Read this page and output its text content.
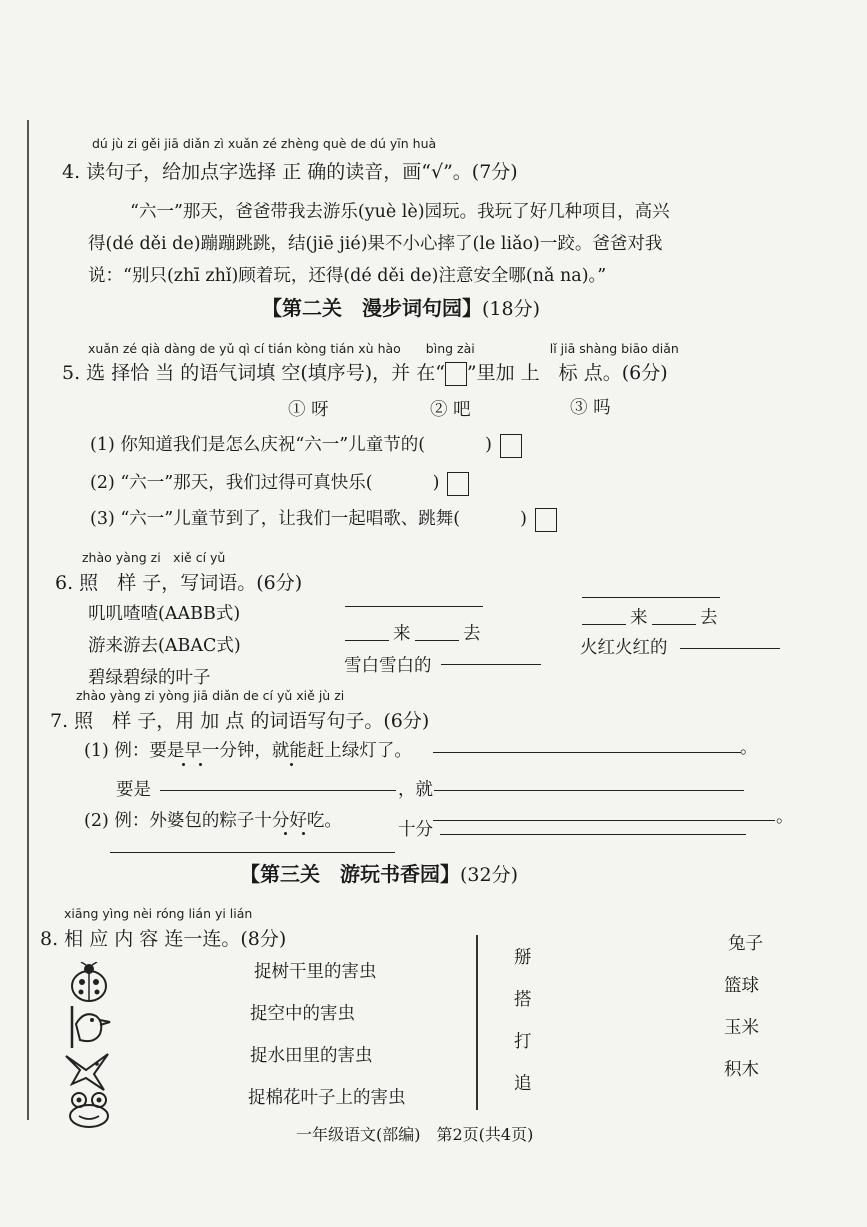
dú jù zi gěi jiā diǎn zì xuǎn zé zhèng què de dú yīn huà
4. 读句子，给加点字选择 正 确的读音，画“√”。(7分)
“六一”那天，爸爸带我去游乐(yuè lè)园玩。我玩了好几种项目，高兴
得(dé děi de)蹦蹦跳跳，结(jiē jié)果不小心摔了(le liǎo)一跤。爸爸对我
说：“别只(zhī zhǐ)顾着玩，还得(dé děi de)注意安全哪(nǎ na)。”
【第二关　漫步词句园】(18分)
xuǎn zé qià dàng de yǔ qì cí tián kòng tián xù hào　　bìng zài　　　　　　lǐ jiā shàng biāo diǎn
5. 选 择恰 当 的语气词填 空(填序号)，并 在“ ”里加 上　标 点。(6分)
① 呀	② 吧	③ 吗
(1) 你知道我们是怎么庆祝“六一”儿童节的(	)
(2) “六一”那天，我们过得可真快乐(	)
(3) “六一”儿童节到了，让我们一起唱歌、跳舞(	)
zhào yàng zi　xiě cí yǔ
6. 照　样 子，写词语。(6分)
叽叽喳喳(AABB式)
游来游去(ABAC式)
碧绿碧绿的叶子
来	去
来	去
雪白雪白的
火红火红的
zhào yàng zi yòng jiā diǎn de cí yǔ xiě jù zi
7. 照　样 子，用 加 点 的词语写句子。(6分)
(1) 例：要是早一分钟，就能赶上绿灯了。	。
要是	，就
(2) 例：外婆包的粽子十分好吃。	。
十分
【第三关　游玩书香园】(32分)
xiāng yìng nèi róng lián yi lián
8. 相 应 内 容 连一连。(8分)
捉树干里的害虫
捉空中的害虫
捉水田里的害虫
捉棉花叶子上的害虫
掰
搭
打
追
兔子
篮球
玉米
积木
一年级语文(部编)　第2页(共4页)
